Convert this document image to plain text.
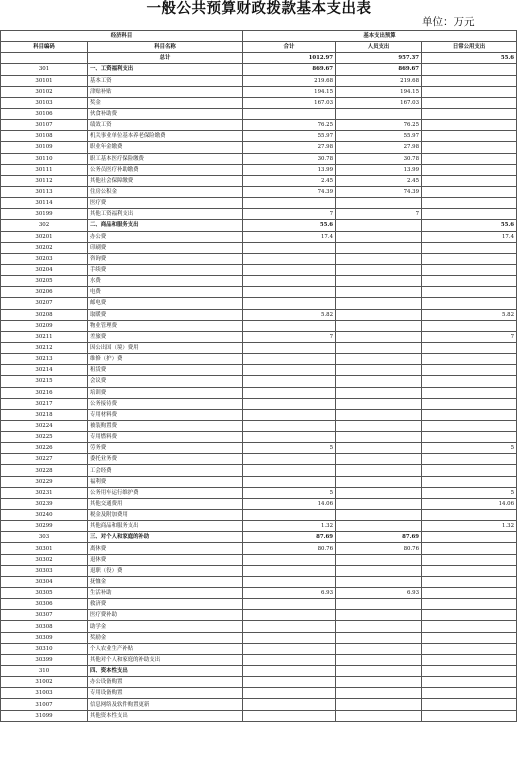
一般公共预算财政拨款基本支出表
单位：万元
经济科目		基本支出预算		
科目编码	科目名称	合计	人员支出	日常公用支出
	总计	1012.97	957.37	55.6
301	一、工资福利支出	869.67	869.67	
30101	基本工资	219.68	219.68	
30102	津贴补贴	194.15	194.15	
30103	奖金	167.03	167.03	
30106	伙食补助费			
30107	绩效工资	76.25	76.25	
30108	机关事业单位基本养老保险缴费	55.97	55.97	
30109	职业年金缴费	27.98	27.98	
30110	职工基本医疗保险缴费	30.78	30.78	
30111	公务员医疗补助缴费	13.99	13.99	
30112	其他社会保障缴费	2.45	2.45	
30113	住房公积金	74.39	74.39	
30114	医疗费			
30199	其他工资福利支出	7	7	
302	二、商品和服务支出	55.6		55.6
30201	办公费	17.4		17.4
30202	印刷费			
30203	咨询费			
30204	手续费			
30205	水费			
30206	电费			
30207	邮电费			
30208	取暖费	5.82		5.82
30209	物业管理费			
30211	差旅费	7		7
30212	因公出国（境）费用			
30213	维修（护）费			
30214	租赁费			
30215	会议费			
30216	培训费			
30217	公务接待费			
30218	专用材料费			
30224	被装购置费			
30225	专用燃料费			
30226	劳务费	5		5
30227	委托业务费			
30228	工会经费			
30229	福利费			
30231	公务用车运行维护费	5		5
30239	其他交通费用	14.06		14.06
30240	税金及附加费用			
30299	其他商品和服务支出	1.32		1.32
303	三、对个人和家庭的补助	87.69	87.69	
30301	离休费	80.76	80.76	
30302	退休费			
30303	退职（役）费			
30304	抚恤金			
30305	生活补助	6.93	6.93	
30306	救济费			
30307	医疗费补助			
30308	助学金			
30309	奖励金			
30310	个人农业生产补贴			
30399	其他对个人和家庭的补助支出			
310	四、资本性支出			
31002	办公设备购置			
31003	专用设备购置			
31007	信息网络及软件购置更新			
31099	其他资本性支出			
